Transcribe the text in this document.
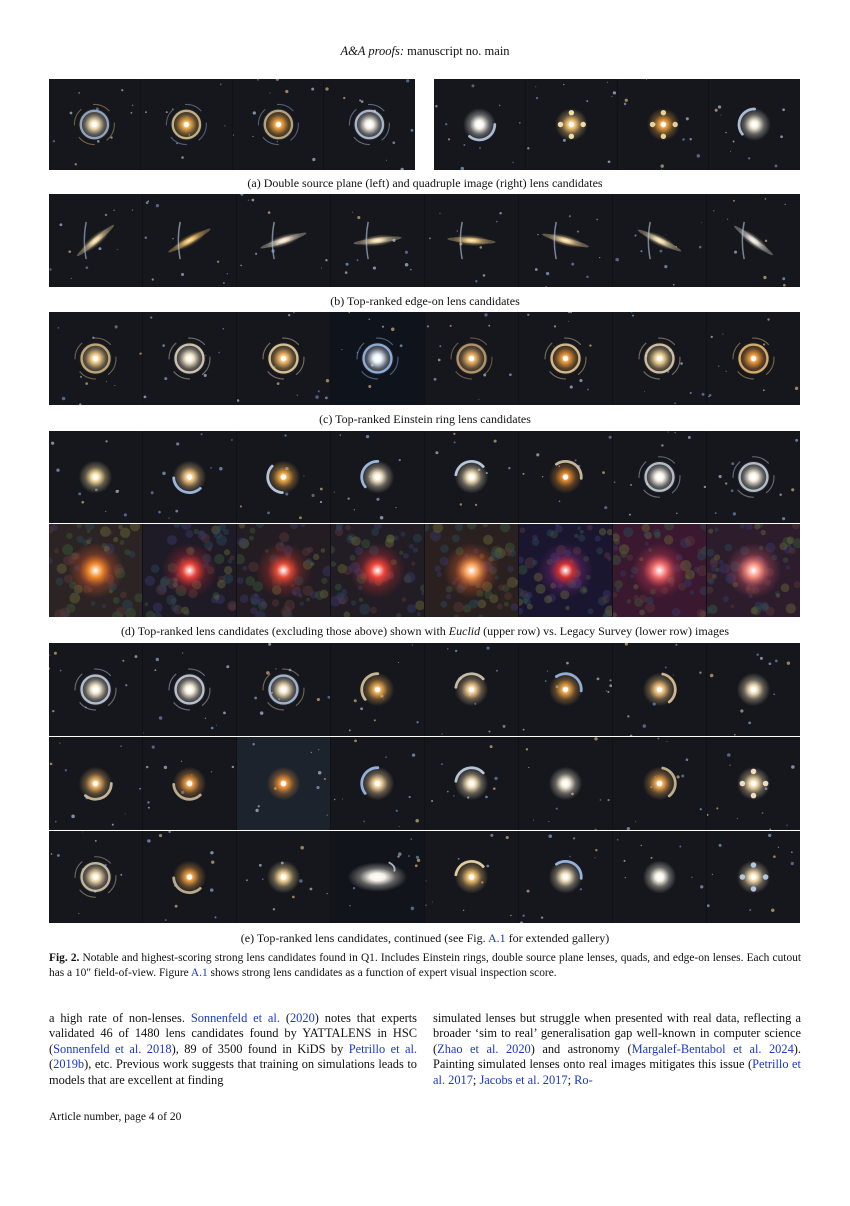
A&A proofs: manuscript no. main
(a) Double source plane (left) and quadruple image (right) lens candidates
(b) Top-ranked edge-on lens candidates
(c) Top-ranked Einstein ring lens candidates
(d) Top-ranked lens candidates (excluding those above) shown with Euclid (upper row) vs. Legacy Survey (lower row) images
(e) Top-ranked lens candidates, continued (see Fig. A.1 for extended gallery)
Fig. 2. Notable and highest-scoring strong lens candidates found in Q1. Includes Einstein rings, double source plane lenses, quads, and edge-on lenses. Each cutout has a 10″ field-of-view. Figure A.1 shows strong lens candidates as a function of expert visual inspection score.
a high rate of non-lenses. Sonnenfeld et al. (2020) notes that experts validated 46 of 1480 lens candidates found by YATTALENS in HSC (Sonnenfeld et al. 2018), 89 of 3500 found in KiDS by Petrillo et al. (2019b), etc. Previous work suggests that training on simulations leads to models that are excellent at finding
simulated lenses but struggle when presented with real data, reflecting a broader ‘sim to real’ generalisation gap well-known in computer science (Zhao et al. 2020) and astronomy (Margalef-Bentabol et al. 2024). Painting simulated lenses onto real images mitigates this issue (Petrillo et al. 2017; Jacobs et al. 2017; Ro-
Article number, page 4 of 20
